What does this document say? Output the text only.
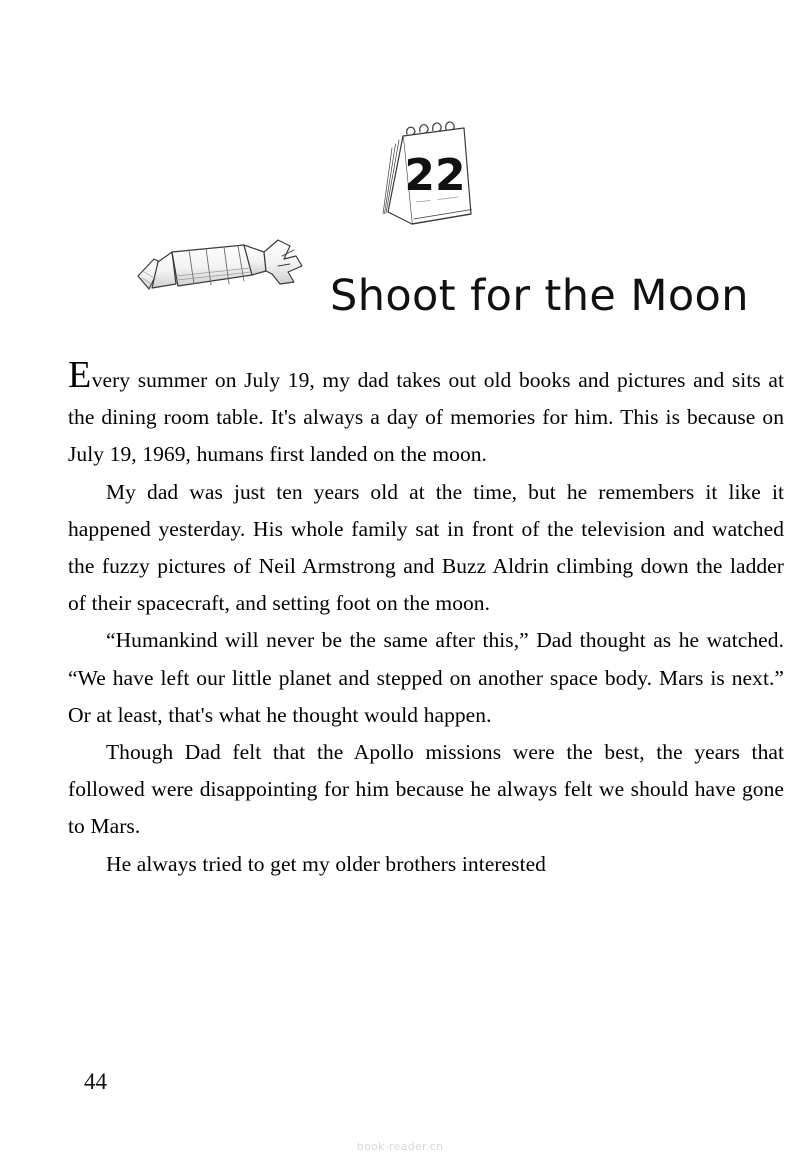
22
Shoot for the Moon

Every summer on July 19, my dad takes out old books and pictures and sits at the dining room table. It's always a day of memories for him. This is because on July 19, 1969, humans first landed on the moon.

My dad was just ten years old at the time, but he remembers it like it happened yesterday. His whole family sat in front of the television and watched the fuzzy pictures of Neil Armstrong and Buzz Aldrin climbing down the ladder of their spacecraft, and setting foot on the moon.

“Humankind will never be the same after this,” Dad thought as he watched. “We have left our little planet and stepped on another space body. Mars is next.” Or at least, that's what he thought would happen.

Though Dad felt that the Apollo missions were the best, the years that followed were disappointing for him because he always felt we should have gone to Mars.

He always tried to get my older brothers interested

44
book-reader.cn
